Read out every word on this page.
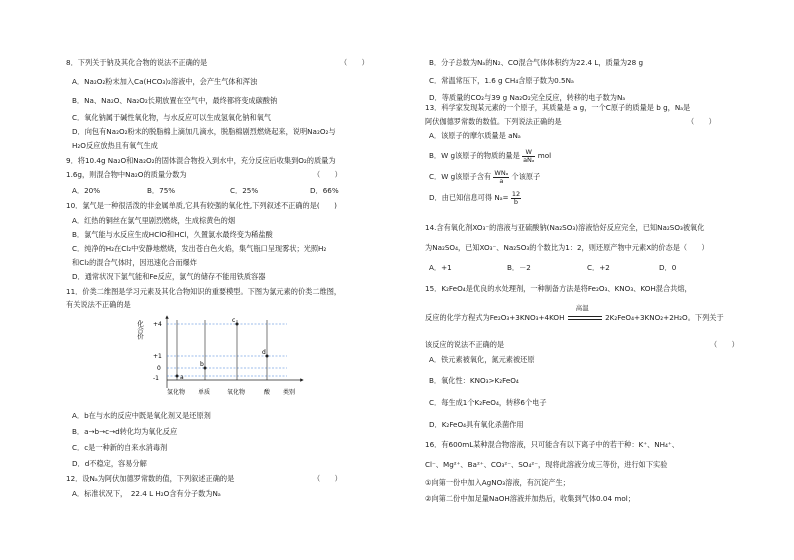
8．下列关于钠及其化合物的说法不正确的是	（　　）
A．Na₂O₂粉末加入Ca(HCO₃)₂溶液中，会产生气体和浑浊
B．Na、Na₂O、Na₂O₂长期放置在空气中，最终都将变成碳酸钠
C．氧化钠属于碱性氧化物，与水反应可以生成氢氧化钠和氧气
D．向包有Na₂O₂粉末的脱脂棉上滴加几滴水，脱脂棉剧烈燃烧起来，说明Na₂O₂与
H₂O反应放热且有氧气生成
9．将10.4g Na₂O和Na₂O₂的固体混合物投入到水中，充分反应后收集到O₂的质量为
1.6g，则混合物中Na₂O的质量分数为	（　　）
A．20%	B．75%	C．25%	D．66%
10．氯气是一种很活泼的非金属单质,它具有较强的氧化性,下列叙述不正确的是(　　)
A．红热的铜丝在氯气里剧烈燃烧，生成棕黄色的烟
B．氯气能与水反应生成HClO和HCl，久置氯水最终变为稀盐酸
C．纯净的H₂在Cl₂中安静地燃烧，发出苍白色火焰，集气瓶口呈现雾状；光照H₂
和Cl₂的混合气体时，因迅速化合而爆炸
D．通常状况下氯气能和Fe反应，氯气的储存不能用铁质容器
11．价类二维图是学习元素及其化合物知识的重要模型。下图为氯元素的价类二维图，
有关说法不正确的是
化合价 +4
+1
0
-1	a
b
c
d
氢化物 单质	氧化物	酸 类别
A．b在与水的反应中既是氧化剂又是还原剂
B．a→b→c→d转化均为氧化反应
C．c是一种新的自来水消毒剂
D．d不稳定，容易分解
12．设Nₐ为阿伏加德罗常数的值，下列叙述正确的是	（　　）
A．标准状况下，　22.4 L H₂O含有分子数为Nₐ
B．分子总数为Nₐ的N₂、CO混合气体体积约为22.4 L，质量为28 g
C．常温常压下，1.6 g CH₄含原子数为0.5Nₐ
D．等质量的CO₂与39 g Na₂O₂完全反应，转移的电子数为Nₐ
13．科学家发现某元素的一个原子，其质量是 a g，一个C原子的质量是 b g，Nₐ是
阿伏伽德罗常数的数值。下列说法正确的是	（　　）
A．该原子的摩尔质量是 aNₐ
B．W g该原子的物质的量是 $\frac{W}{\text{aNₐ}}$ mol
C．W g该原子含有 $\frac{\text{WNₐ}}{a}$ 个该原子
D．由已知信息可得 $N_a= \frac{12}{b}$
14.含有氧化剂XO₃⁻的溶液与亚硫酸钠(Na₂SO₃)溶液恰好反应完全，已知Na₂SO₃被氧化
为Na₂SO₄，已知XO₃⁻、Na₂SO₃的个数比为1：2，则还原产物中元素X的价态是（　　）
A．+1	B．－2	C．+2	D．0
15．K₂FeO₄是优良的水处理剂，一种制备方法是将Fe₂O₃、KNO₃、KOH混合共熔，
反应的化学方程式为Fe₂O₃+3KNO₃+4KOH
高温
2K₂FeO₄+3KNO₂+2H₂O。下列关于
该反应的说法不正确的是	（　　）
A．铁元素被氧化，氮元素被还原
B．氧化性：KNO₃>K₂FeO₄
C．每生成1个K₂FeO₄，转移6个电子
D．K₂FeO₄具有氧化杀菌作用
16．有600mL某种混合物溶液，只可能含有以下离子中的若干种：K⁺、NH₄⁺、
Cl⁻、Mg²⁺、Ba²⁺、CO₃²⁻、SO₄²⁻，现将此溶液分成三等份，进行如下实验
①向第一份中加入AgNO₃溶液，有沉淀产生；
②向第二份中加足量NaOH溶液并加热后，收集到气体0.04 mol；
